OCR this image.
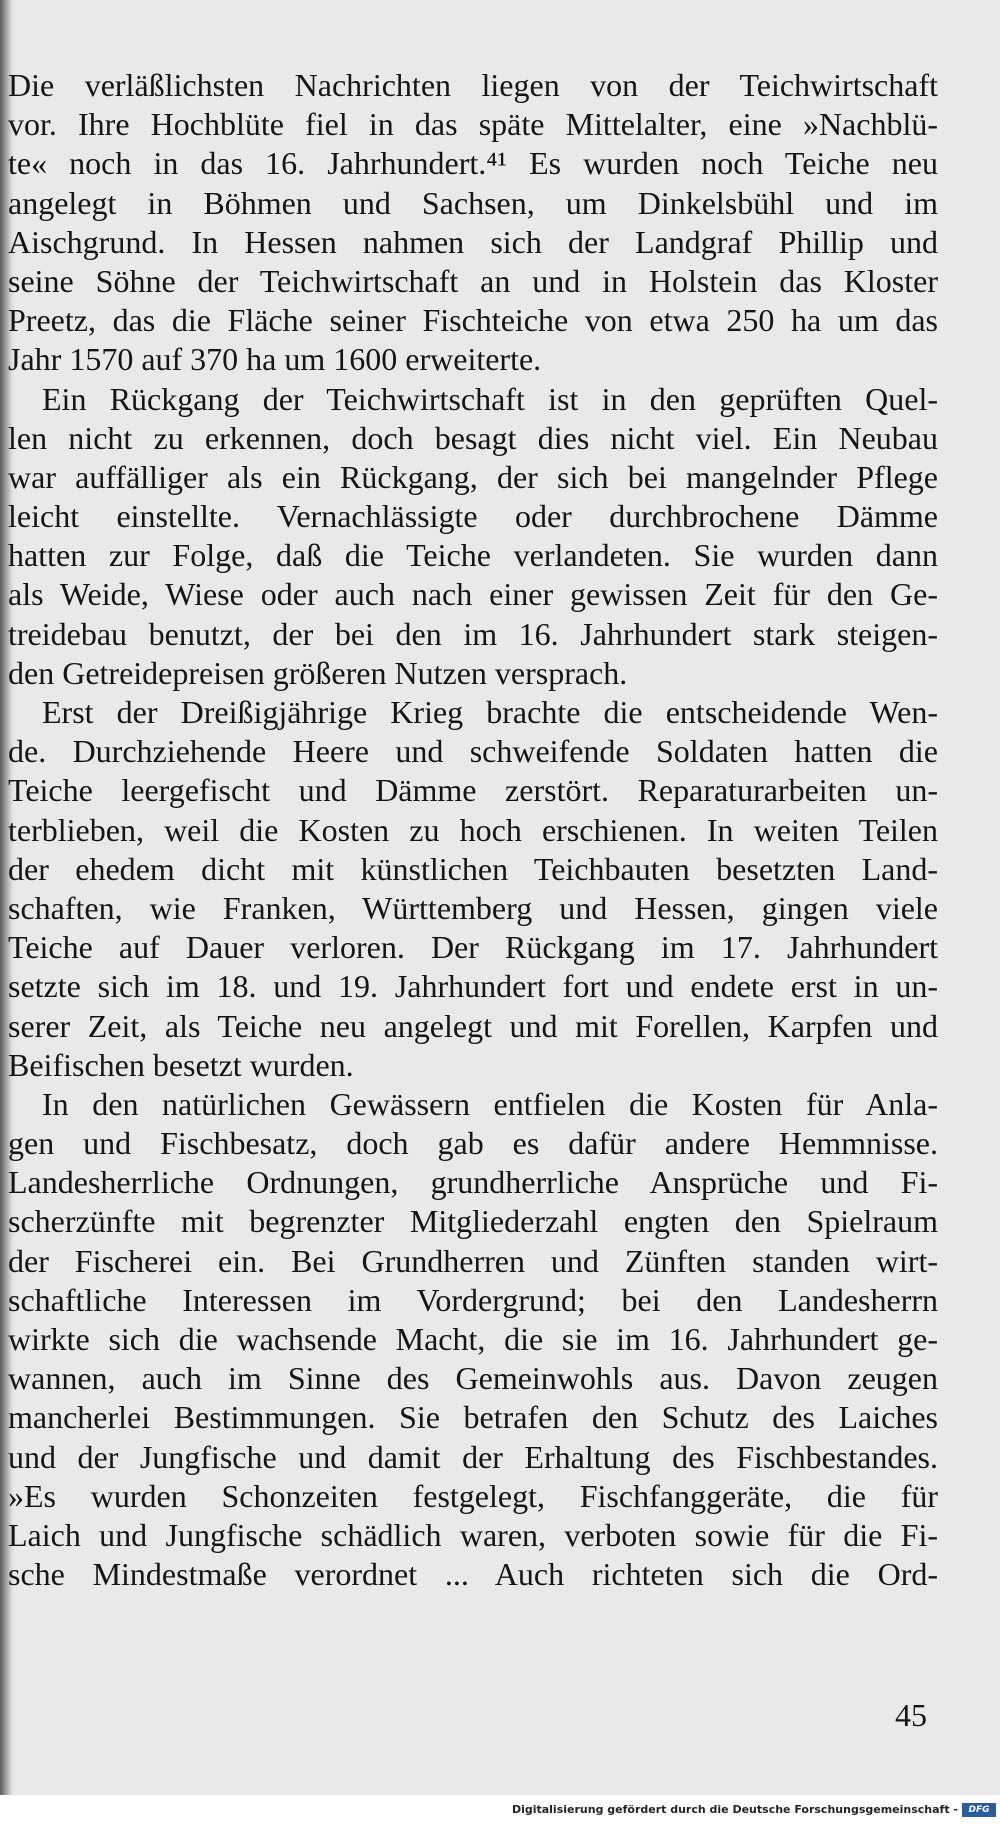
Die verläßlichsten Nachrichten liegen von der Teichwirtschaft
vor. Ihre Hochblüte fiel in das späte Mittelalter, eine »Nachblü-
te« noch in das 16. Jahrhundert.⁴¹ Es wurden noch Teiche neu
angelegt in Böhmen und Sachsen, um Dinkelsbühl und im
Aischgrund. In Hessen nahmen sich der Landgraf Phillip und
seine Söhne der Teichwirtschaft an und in Holstein das Kloster
Preetz, das die Fläche seiner Fischteiche von etwa 250 ha um das
Jahr 1570 auf 370 ha um 1600 erweiterte.
Ein Rückgang der Teichwirtschaft ist in den geprüften Quel-
len nicht zu erkennen, doch besagt dies nicht viel. Ein Neubau
war auffälliger als ein Rückgang, der sich bei mangelnder Pflege
leicht einstellte. Vernachlässigte oder durchbrochene Dämme
hatten zur Folge, daß die Teiche verlandeten. Sie wurden dann
als Weide, Wiese oder auch nach einer gewissen Zeit für den Ge-
treidebau benutzt, der bei den im 16. Jahrhundert stark steigen-
den Getreidepreisen größeren Nutzen versprach.
Erst der Dreißigjährige Krieg brachte die entscheidende Wen-
de. Durchziehende Heere und schweifende Soldaten hatten die
Teiche leergefischt und Dämme zerstört. Reparaturarbeiten un-
terblieben, weil die Kosten zu hoch erschienen. In weiten Teilen
der ehedem dicht mit künstlichen Teichbauten besetzten Land-
schaften, wie Franken, Württemberg und Hessen, gingen viele
Teiche auf Dauer verloren. Der Rückgang im 17. Jahrhundert
setzte sich im 18. und 19. Jahrhundert fort und endete erst in un-
serer Zeit, als Teiche neu angelegt und mit Forellen, Karpfen und
Beifischen besetzt wurden.
In den natürlichen Gewässern entfielen die Kosten für Anla-
gen und Fischbesatz, doch gab es dafür andere Hemmnisse.
Landesherrliche Ordnungen, grundherrliche Ansprüche und Fi-
scherzünfte mit begrenzter Mitgliederzahl engten den Spielraum
der Fischerei ein. Bei Grundherren und Zünften standen wirt-
schaftliche Interessen im Vordergrund; bei den Landesherrn
wirkte sich die wachsende Macht, die sie im 16. Jahrhundert ge-
wannen, auch im Sinne des Gemeinwohls aus. Davon zeugen
mancherlei Bestimmungen. Sie betrafen den Schutz des Laiches
und der Jungfische und damit der Erhaltung des Fischbestandes.
»Es wurden Schonzeiten festgelegt, Fischfanggeräte, die für
Laich und Jungfische schädlich waren, verboten sowie für die Fi-
sche Mindestmaße verordnet ... Auch richteten sich die Ord-
45
Digitalisierung gefördert durch die Deutsche Forschungsgemeinschaft -	DFG
